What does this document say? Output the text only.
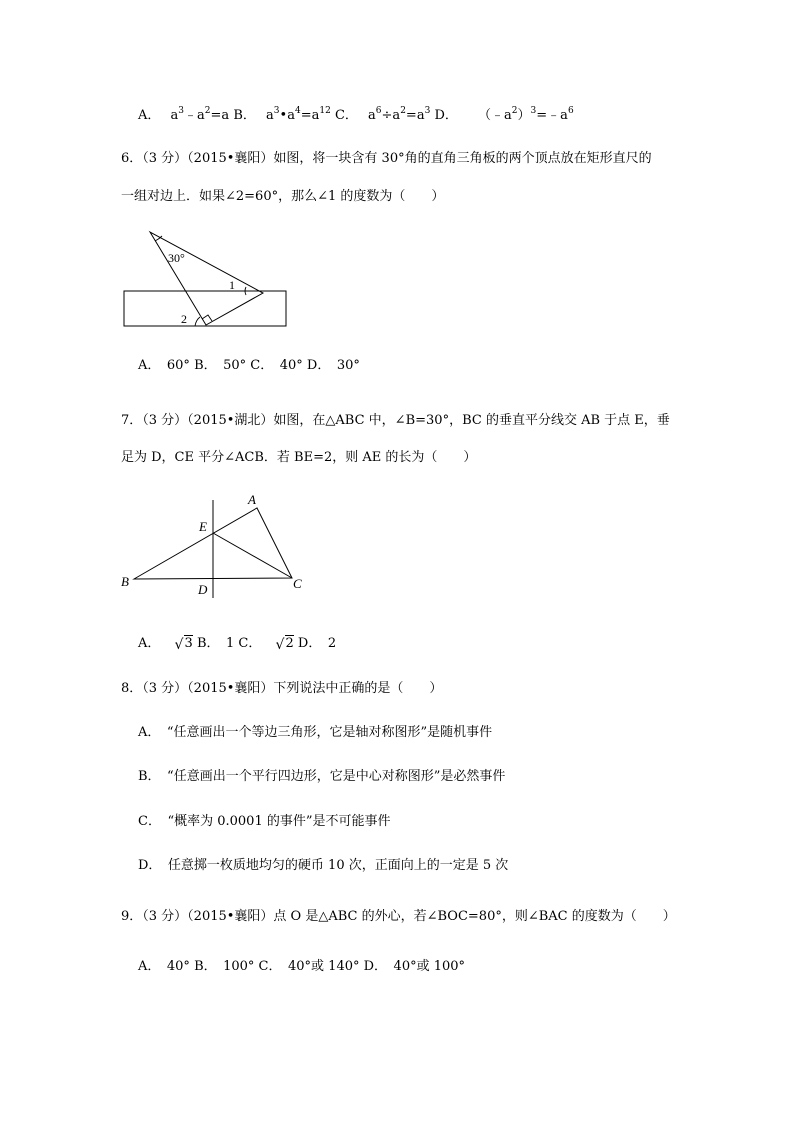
A． $a^3﹣a^2=a$ B． $a^3•a^4=a^{12}$ C． $a^6\div a^2=a^3$ D． $(﹣a^2)^3=﹣a^6$
6．（3 分）（2015•襄阳）如图，将一块含有 30°角的直角三角板的两个顶点放在矩形直尺的
一组对边上．如果∠2=60°，那么∠1 的度数为（　　）
30°
1
2
A．　60° B．　50° C．　40° D．　30°
7．（3 分）（2015•湖北）如图，在△ABC 中，∠B=30°，BC 的垂直平分线交 AB 于点 E，垂
足为 D，CE 平分∠ACB．若 BE=2，则 AE 的长为（　　）
A
B	C
D
E
A． √ 3 B．　1 C． √ 2 D．　2
8．（3 分）（2015•襄阳）下列说法中正确的是（　　）
A．　“任意画出一个等边三角形，它是轴对称图形”是随机事件
B．　“任意画出一个平行四边形，它是中心对称图形”是必然事件
C．　“概率为 0.0001 的事件”是不可能事件
D．　任意掷一枚质地均匀的硬币 10 次，正面向上的一定是 5 次
9．（3 分）（2015•襄阳）点 O 是△ABC 的外心，若∠BOC=80°，则∠BAC 的度数为（　　）
A．　40° B．　100° C．　40°或 140° D．　40°或 100°
